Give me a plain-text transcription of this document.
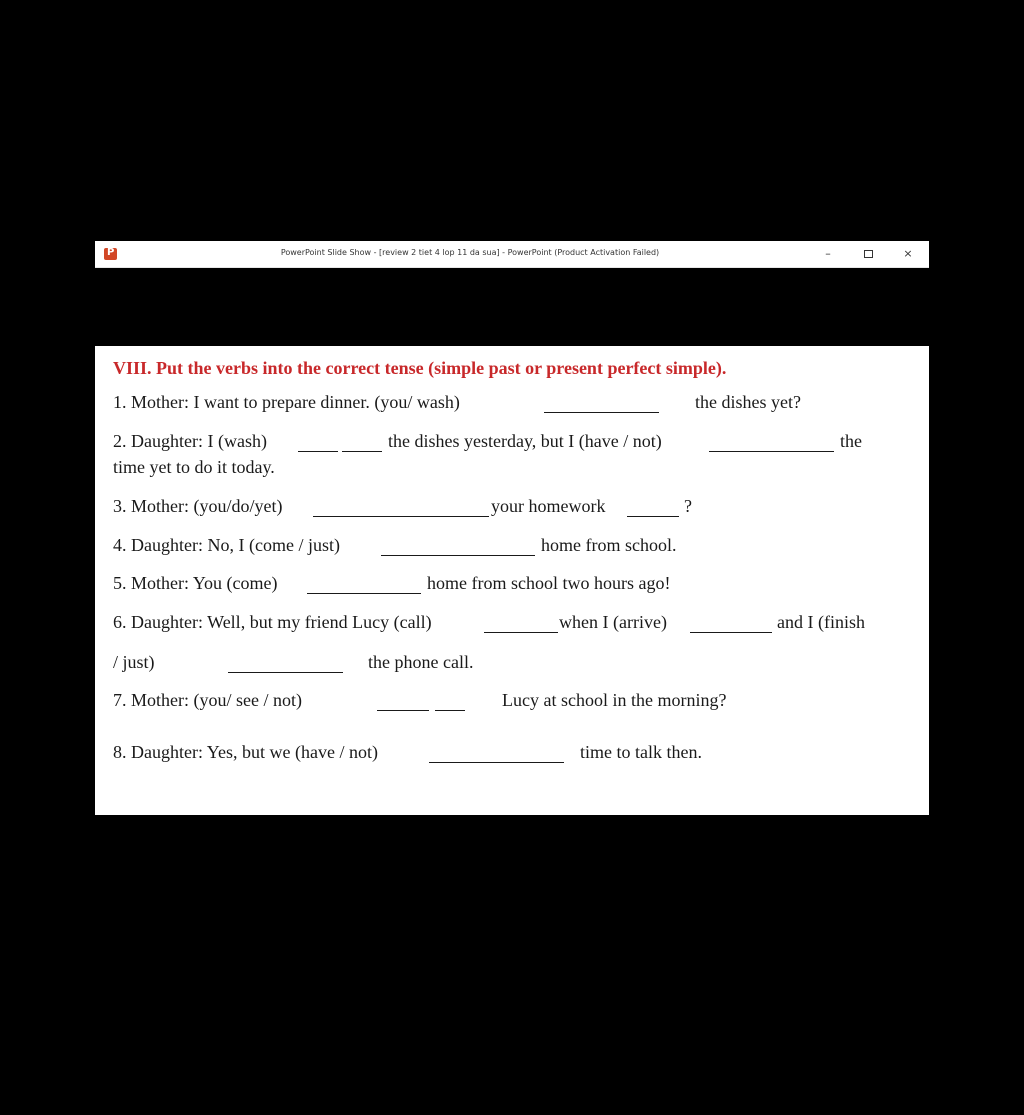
P
PowerPoint Slide Show - [review 2 tiet 4 lop 11 da sua] - PowerPoint (Product Activation Failed)	–	×
VIII. Put the verbs into the correct tense (simple past or present perfect simple).
1. Mother: I want to prepare dinner. (you/ wash)	the dishes yet?
2. Daughter: I (wash)	the dishes yesterday, but I (have / not)	the
time yet to do it today.
3. Mother: (you/do/yet)	your homework	?
4. Daughter: No, I (come / just)	home from school.
5. Mother: You (come)	home from school two hours ago!
6. Daughter: Well, but my friend Lucy (call)	when I (arrive)	and I (finish
/ just)	the phone call.
7. Mother: (you/ see / not)	Lucy at school in the morning?
8. Daughter: Yes, but we (have / not)	time to talk then.
